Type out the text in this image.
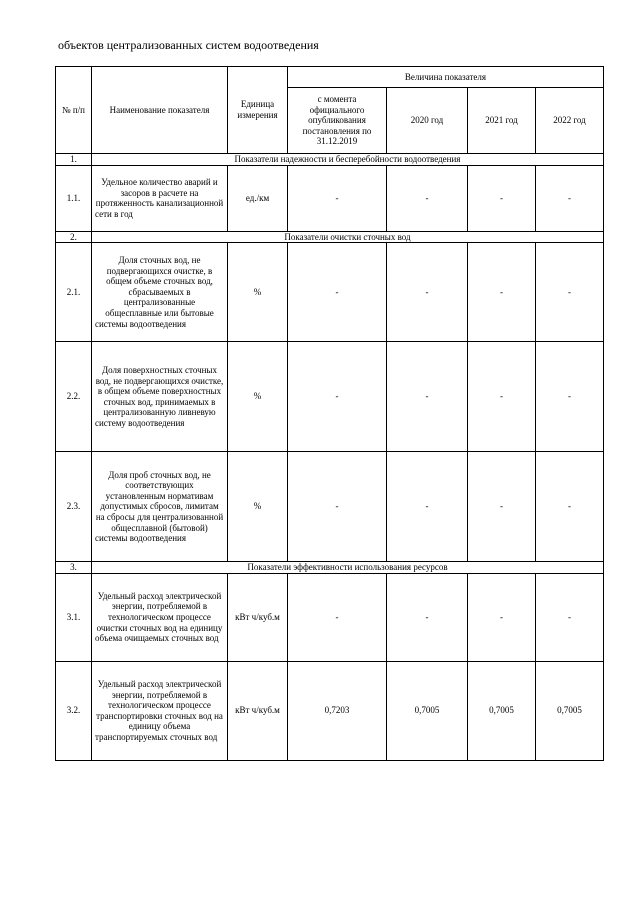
объектов централизованных систем водоотведения
№ п/п	Наименование показателя	Единица измерения	Величина показателя			
			с момента официального опубликования постановления по 31.12.2019	2020 год	2021 год	2022 год
1.	Показатели надежности и бесперебойности водоотведения					
1.1.	Удельное количество аварий и засоров в расчете на протяженность канализационной сети в год	ед./км	-	-	-	-
2.	Показатели очистки сточных вод					
2.1.	Доля сточных вод, не подвергающихся очистке, в общем объеме сточных вод, сбрасываемых в централизованные общесплавные или бытовые системы водоотведения	%	-	-	-	-
2.2.	Доля поверхностных сточных вод, не подвергающихся очистке, в общем объеме поверхностных сточных вод, принимаемых в централизованную ливневую систему водоотведения	%	-	-	-	-
2.3.	Доля проб сточных вод, не соответствующих установленным нормативам допустимых сбросов, лимитам на сбросы для централизованной общесплавной (бытовой) системы водоотведения	%	-	-	-	-
3.	Показатели эффективности использования ресурсов					
3.1.	Удельный расход электрической энергии, потребляемой в технологическом процессе очистки сточных вод на единицу объема очищаемых сточных вод	кВт ч/куб.м	-	-	-	-
3.2.	Удельный расход электрической энергии, потребляемой в технологическом процессе транспортировки сточных вод на единицу объема транспортируемых сточных вод	кВт ч/куб.м	0,7203	0,7005	0,7005	0,7005
